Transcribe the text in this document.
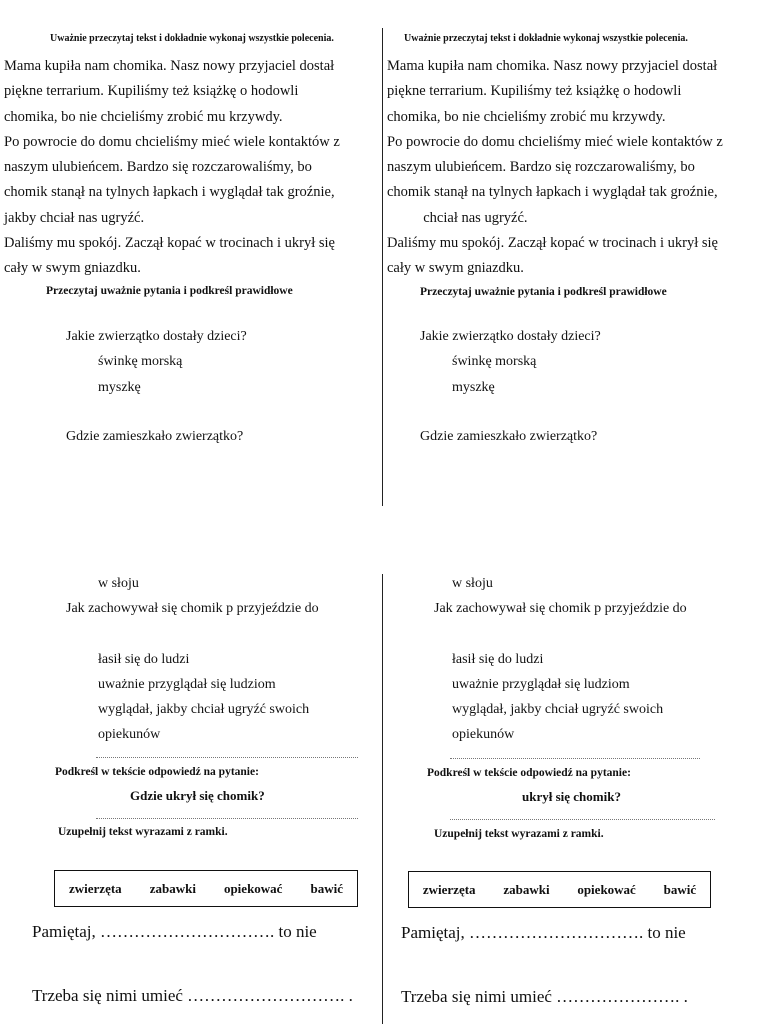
Uważnie przeczytaj tekst i dokładnie wykonaj wszystkie polecenia.
Mama kupiła nam chomika. Nasz nowy przyjaciel dostał
piękne terrarium. Kupiliśmy też książkę o hodowli
chomika, bo nie chcieliśmy zrobić mu krzywdy.
Po powrocie do domu chcieliśmy mieć wiele kontaktów z
naszym ulubieńcem. Bardzo się rozczarowaliśmy, bo
chomik stanął na tylnych łapkach i wyglądał tak groźnie,
jakby chciał nas ugryźć.
Daliśmy mu spokój. Zaczął kopać w trocinach i ukrył się
cały w swym gniazdku.
Przeczytaj uważnie pytania i podkreśl prawidłowe
Jakie zwierzątko dostały dzieci?
świnkę morską
myszkę
Gdzie zamieszkało zwierzątko?
w słoju
Jak zachowywał się chomik p przyjeździe do
łasił się do ludzi
uważnie przyglądał się ludziom
wyglądał, jakby chciał ugryźć swoich
opiekunów
Podkreśl w tekście odpowiedź na pytanie:
Gdzie ukrył się chomik?
Uzupełnij tekst wyrazami z ramki.
zwierzęta zabawki opiekować bawić
Pamiętaj, …………………………. to nie
Trzeba się nimi umieć ………………………. .
Uważnie przeczytaj tekst i dokładnie wykonaj wszystkie polecenia.
Mama kupiła nam chomika. Nasz nowy przyjaciel dostał
piękne terrarium. Kupiliśmy też książkę o hodowli
chomika, bo nie chcieliśmy zrobić mu krzywdy.
Po powrocie do domu chcieliśmy mieć wiele kontaktów z
naszym ulubieńcem. Bardzo się rozczarowaliśmy, bo
chomik stanął na tylnych łapkach i wyglądał tak groźnie,
chciał nas ugryźć.
Daliśmy mu spokój. Zaczął kopać w trocinach i ukrył się
cały w swym gniazdku.
Przeczytaj uważnie pytania i podkreśl prawidłowe
Jakie zwierzątko dostały dzieci?
świnkę morską
myszkę
Gdzie zamieszkało zwierzątko?
w słoju
Jak zachowywał się chomik p przyjeździe do
łasił się do ludzi
uważnie przyglądał się ludziom
wyglądał, jakby chciał ugryźć swoich
opiekunów
Podkreśl w tekście odpowiedź na pytanie:
ukrył się chomik?
Uzupełnij tekst wyrazami z ramki.
zwierzęta zabawki opiekować bawić
Pamiętaj, …………………………. to nie
Trzeba się nimi umieć …………………. .
